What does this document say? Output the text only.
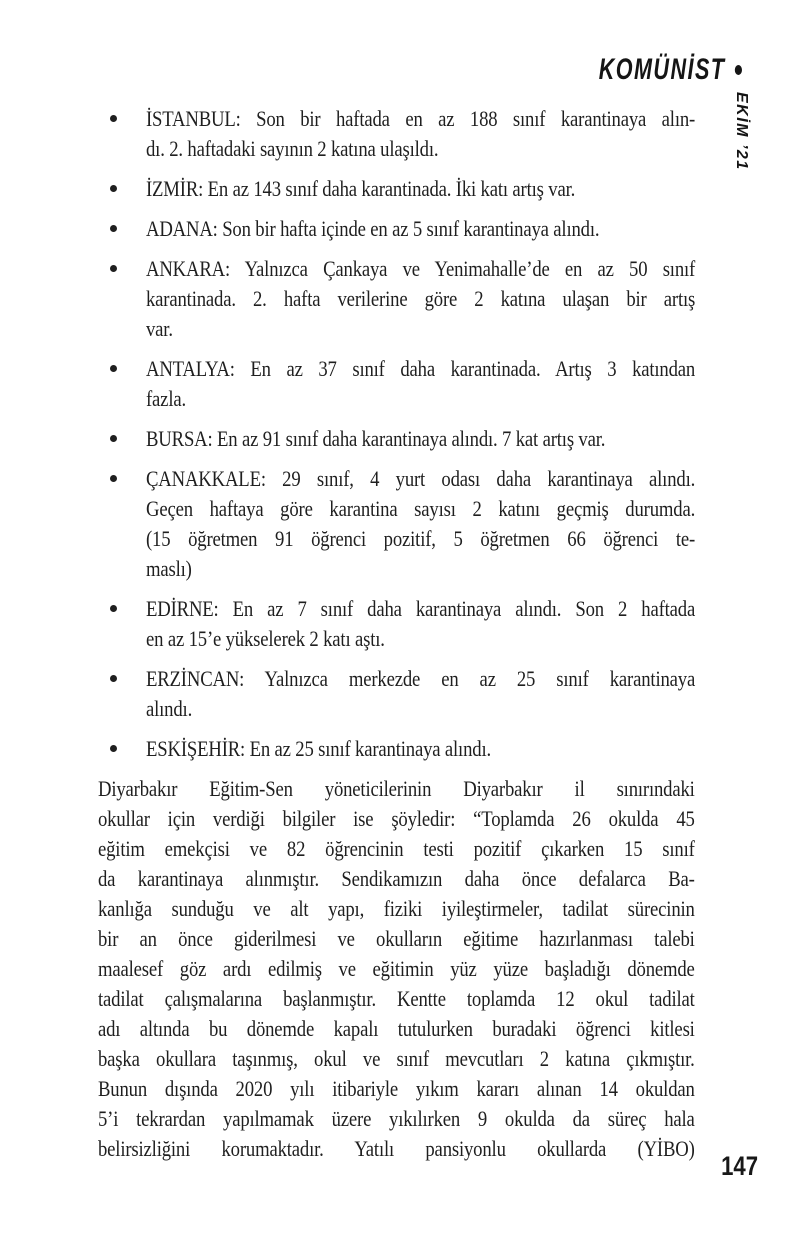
KOMÜNİST
EKİM ’21
İSTANBUL: Son bir haftada en az 188 sınıf karantinaya alın-
dı. 2. haftadaki sayının 2 katına ulaşıldı.
İZMİR: En az 143 sınıf daha karantinada. İki katı artış var.
ADANA: Son bir hafta içinde en az 5 sınıf karantinaya alındı.
ANKARA: Yalnızca Çankaya ve Yenimahalle’de en az 50 sınıf
karantinada. 2. hafta verilerine göre 2 katına ulaşan bir artış
var.
ANTALYA: En az 37 sınıf daha karantinada. Artış 3 katından
fazla.
BURSA: En az 91 sınıf daha karantinaya alındı. 7 kat artış var.
ÇANAKKALE: 29 sınıf, 4 yurt odası daha karantinaya alındı.
Geçen haftaya göre karantina sayısı 2 katını geçmiş durumda.
(15 öğretmen 91 öğrenci pozitif, 5 öğretmen 66 öğrenci te-
maslı)
EDİRNE: En az 7 sınıf daha karantinaya alındı. Son 2 haftada
en az 15’e yükselerek 2 katı aştı.
ERZİNCAN: Yalnızca merkezde en az 25 sınıf karantinaya
alındı.
ESKİŞEHİR: En az 25 sınıf karantinaya alındı.
Diyarbakır Eğitim-Sen yöneticilerinin Diyarbakır il sınırındaki
okullar için verdiği bilgiler ise şöyledir: “Toplamda 26 okulda 45
eğitim emekçisi ve 82 öğrencinin testi pozitif çıkarken 15 sınıf
da karantinaya alınmıştır. Sendikamızın daha önce defalarca Ba-
kanlığa sunduğu ve alt yapı, fiziki iyileştirmeler, tadilat sürecinin
bir an önce giderilmesi ve okulların eğitime hazırlanması talebi
maalesef göz ardı edilmiş ve eğitimin yüz yüze başladığı dönemde
tadilat çalışmalarına başlanmıştır. Kentte toplamda 12 okul tadilat
adı altında bu dönemde kapalı tutulurken buradaki öğrenci kitlesi
başka okullara taşınmış, okul ve sınıf mevcutları 2 katına çıkmıştır.
Bunun dışında 2020 yılı itibariyle yıkım kararı alınan 14 okuldan
5’i tekrardan yapılmamak üzere yıkılırken 9 okulda da süreç hala
belirsizliğini korumaktadır. Yatılı pansiyonlu okullarda (YİBO)
147
